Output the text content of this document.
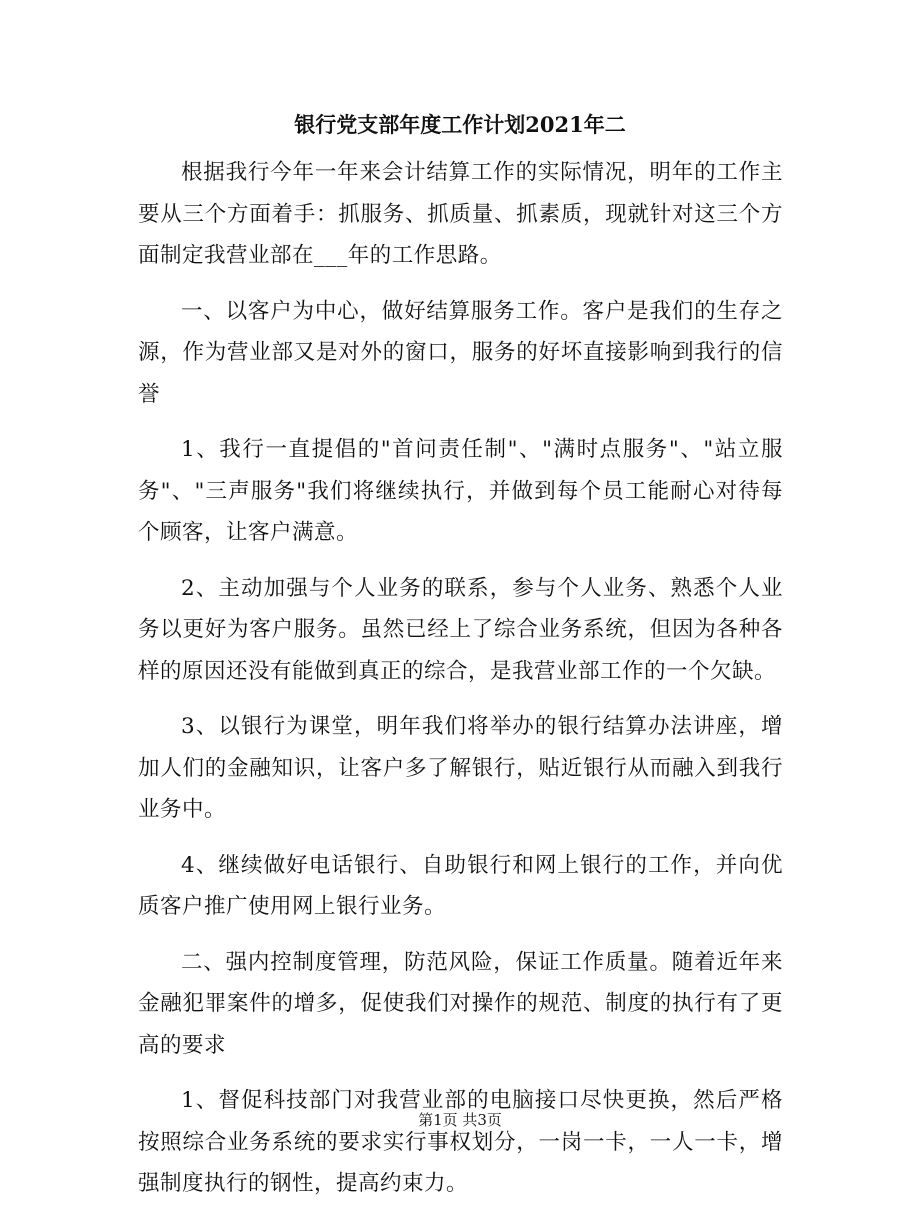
银行党支部年度工作计划2021年二

根据我行今年一年来会计结算工作的实际情况，明年的工作主要从三个方面着手：抓服务、抓质量、抓素质，现就针对这三个方面制定我营业部在___年的工作思路。

一、以客户为中心，做好结算服务工作。客户是我们的生存之源，作为营业部又是对外的窗口，服务的好坏直接影响到我行的信誉

1、我行一直提倡的"首问责任制"、"满时点服务"、"站立服务"、"三声服务"我们将继续执行，并做到每个员工能耐心对待每个顾客，让客户满意。

2、主动加强与个人业务的联系，参与个人业务、熟悉个人业务以更好为客户服务。虽然已经上了综合业务系统，但因为各种各样的原因还没有能做到真正的综合，是我营业部工作的一个欠缺。

3、以银行为课堂，明年我们将举办的银行结算办法讲座，增加人们的金融知识，让客户多了解银行，贴近银行从而融入到我行业务中。

4、继续做好电话银行、自助银行和网上银行的工作，并向优质客户推广使用网上银行业务。

二、强内控制度管理，防范风险，保证工作质量。随着近年来金融犯罪案件的增多，促使我们对操作的规范、制度的执行有了更高的要求

1、督促科技部门对我营业部的电脑接口尽快更换，然后严格按照综合业务系统的要求实行事权划分，一岗一卡，一人一卡，增强制度执行的钢性，提高约束力。

第1页 共3页
